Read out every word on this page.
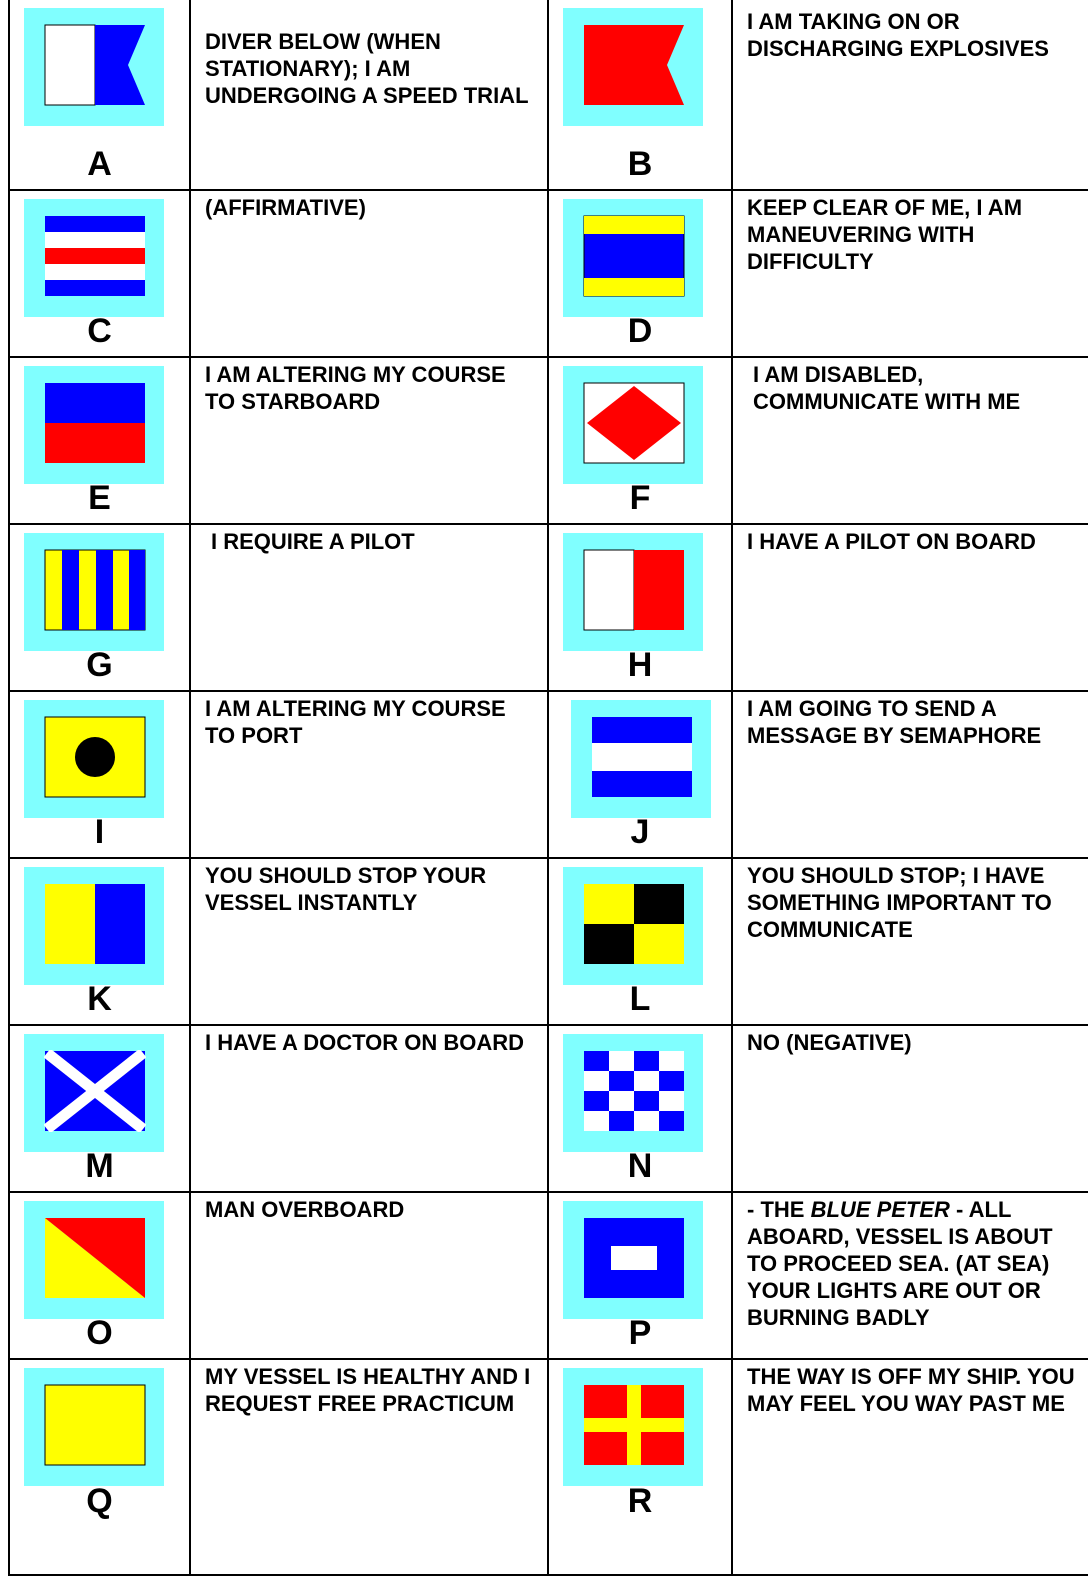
A	DIVER BELOW (WHEN STATIONARY); I AM UNDERGOING A SPEED TRIAL	B	I AM TAKING ON OR DISCHARGING EXPLOSIVES

C	(AFFIRMATIVE)	D	KEEP CLEAR OF ME, I AM MANEUVERING WITH DIFFICULTY

E	I AM ALTERING MY COURSE TO STARBOARD	F	I AM DISABLED, COMMUNICATE WITH ME

G	I REQUIRE A PILOT	H	I HAVE A PILOT ON BOARD

I	I AM ALTERING MY COURSE TO PORT	J	I AM GOING TO SEND A MESSAGE BY SEMAPHORE

K	YOU SHOULD STOP YOUR VESSEL INSTANTLY	L	YOU SHOULD STOP; I HAVE SOMETHING IMPORTANT TO COMMUNICATE

M	I HAVE A DOCTOR ON BOARD	N	NO (NEGATIVE)

O	MAN OVERBOARD	P	- THE BLUE PETER - ALL ABOARD, VESSEL IS ABOUT TO PROCEED SEA. (AT SEA) YOUR LIGHTS ARE OUT OR BURNING BADLY

Q	MY VESSEL IS HEALTHY AND I REQUEST FREE PRACTICUM	R	THE WAY IS OFF MY SHIP. YOU MAY FEEL YOU WAY PAST ME
